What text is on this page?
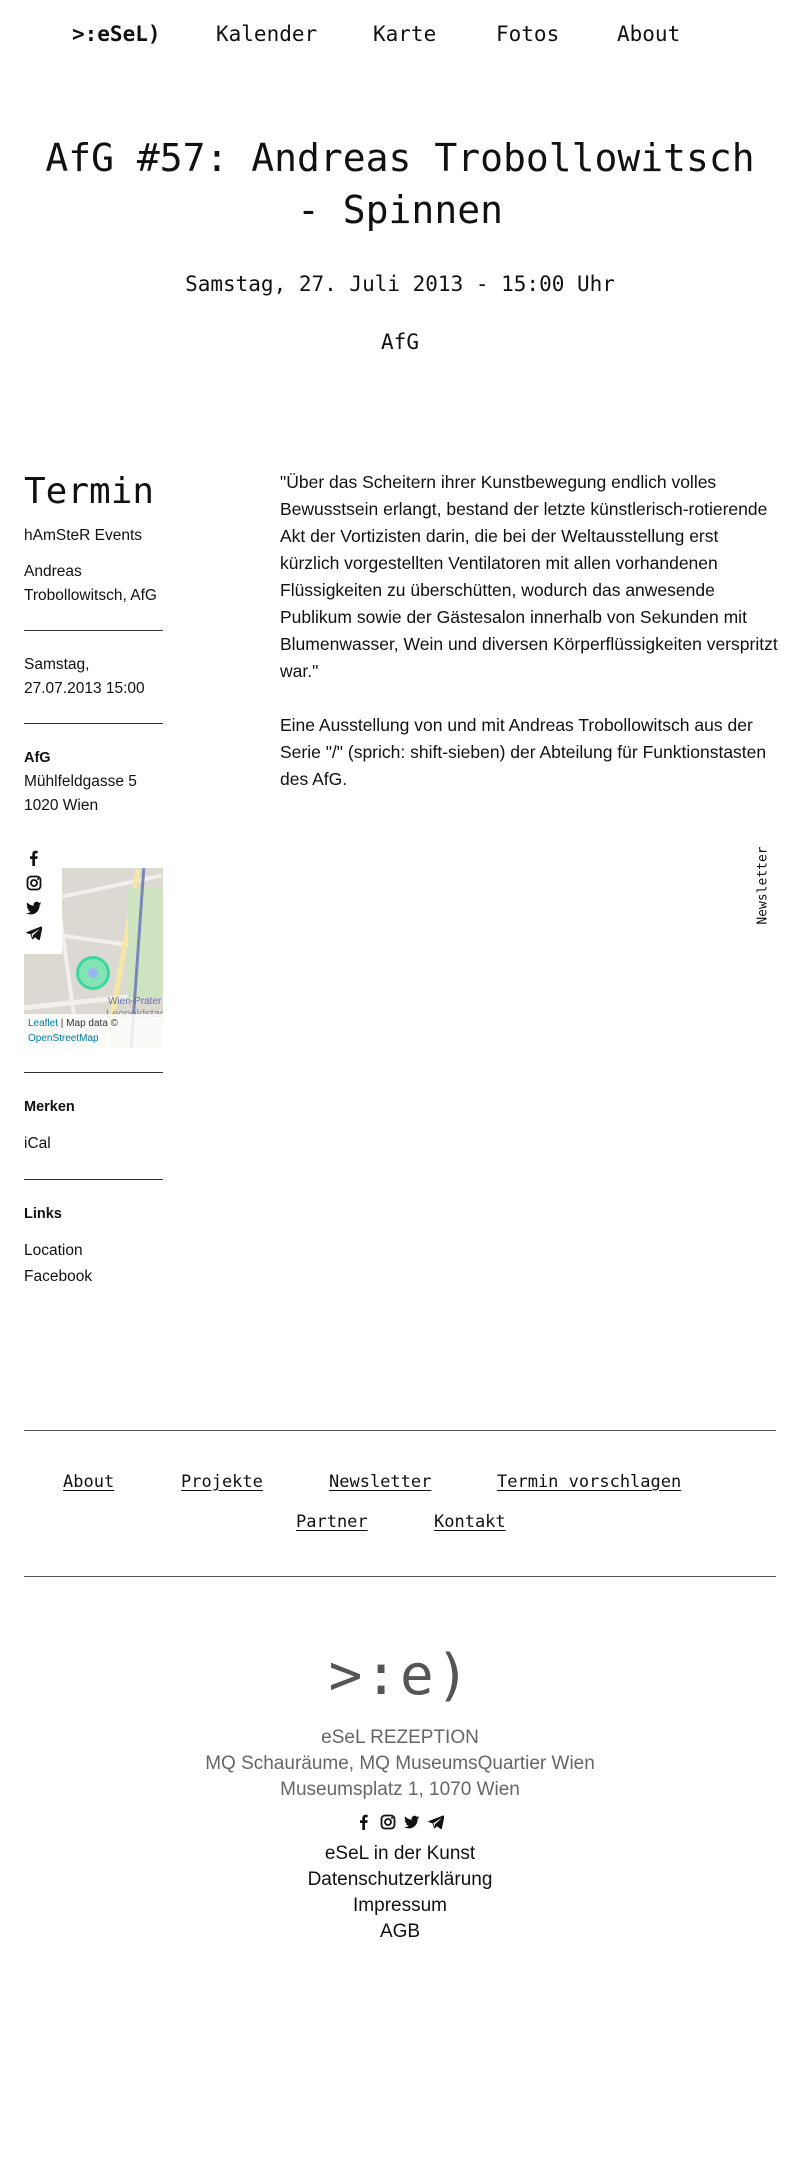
>:eSeL)	Kalender	Karte	Fotos	About
AfG #57: Andreas Trobollowitsch - Spinnen
Samstag, 27. Juli 2013 - 15:00 Uhr
AfG
Termin
hAmSteR Events
Andreas Trobollowitsch, AfG
Samstag, 27.07.2013 15:00
AfG
Mühlfeldgasse 5
1020 Wien
Wien-Prater
Leaflet | Map data ©
OpenStreetMap
Merken
iCal
Links
Location
Facebook

"Über das Scheitern ihrer Kunstbewegung endlich volles Bewusstsein erlangt, bestand der letzte künstlerisch-rotierende Akt der Vortizisten darin, die bei der Weltausstellung erst kürzlich vorgestellten Ventilatoren mit allen vorhandenen Flüssigkeiten zu überschütten, wodurch das anwesende Publikum sowie der Gästesalon innerhalb von Sekunden mit Blumenwasser, Wein und diversen Körperflüssigkeiten verspritzt war."

Eine Ausstellung von und mit Andreas Trobollowitsch aus der Serie "/" (sprich: shift-sieben) der Abteilung für Funktionstasten des AfG.

Newsletter
About	Projekte	Newsletter	Termin vorschlagen
Partner	Kontakt
>:e)
eSeL REZEPTION
MQ Schauräume, MQ MuseumsQuartier Wien
Museumsplatz 1, 1070 Wien
eSeL in der Kunst
Datenschutzerklärung
Impressum
AGB
